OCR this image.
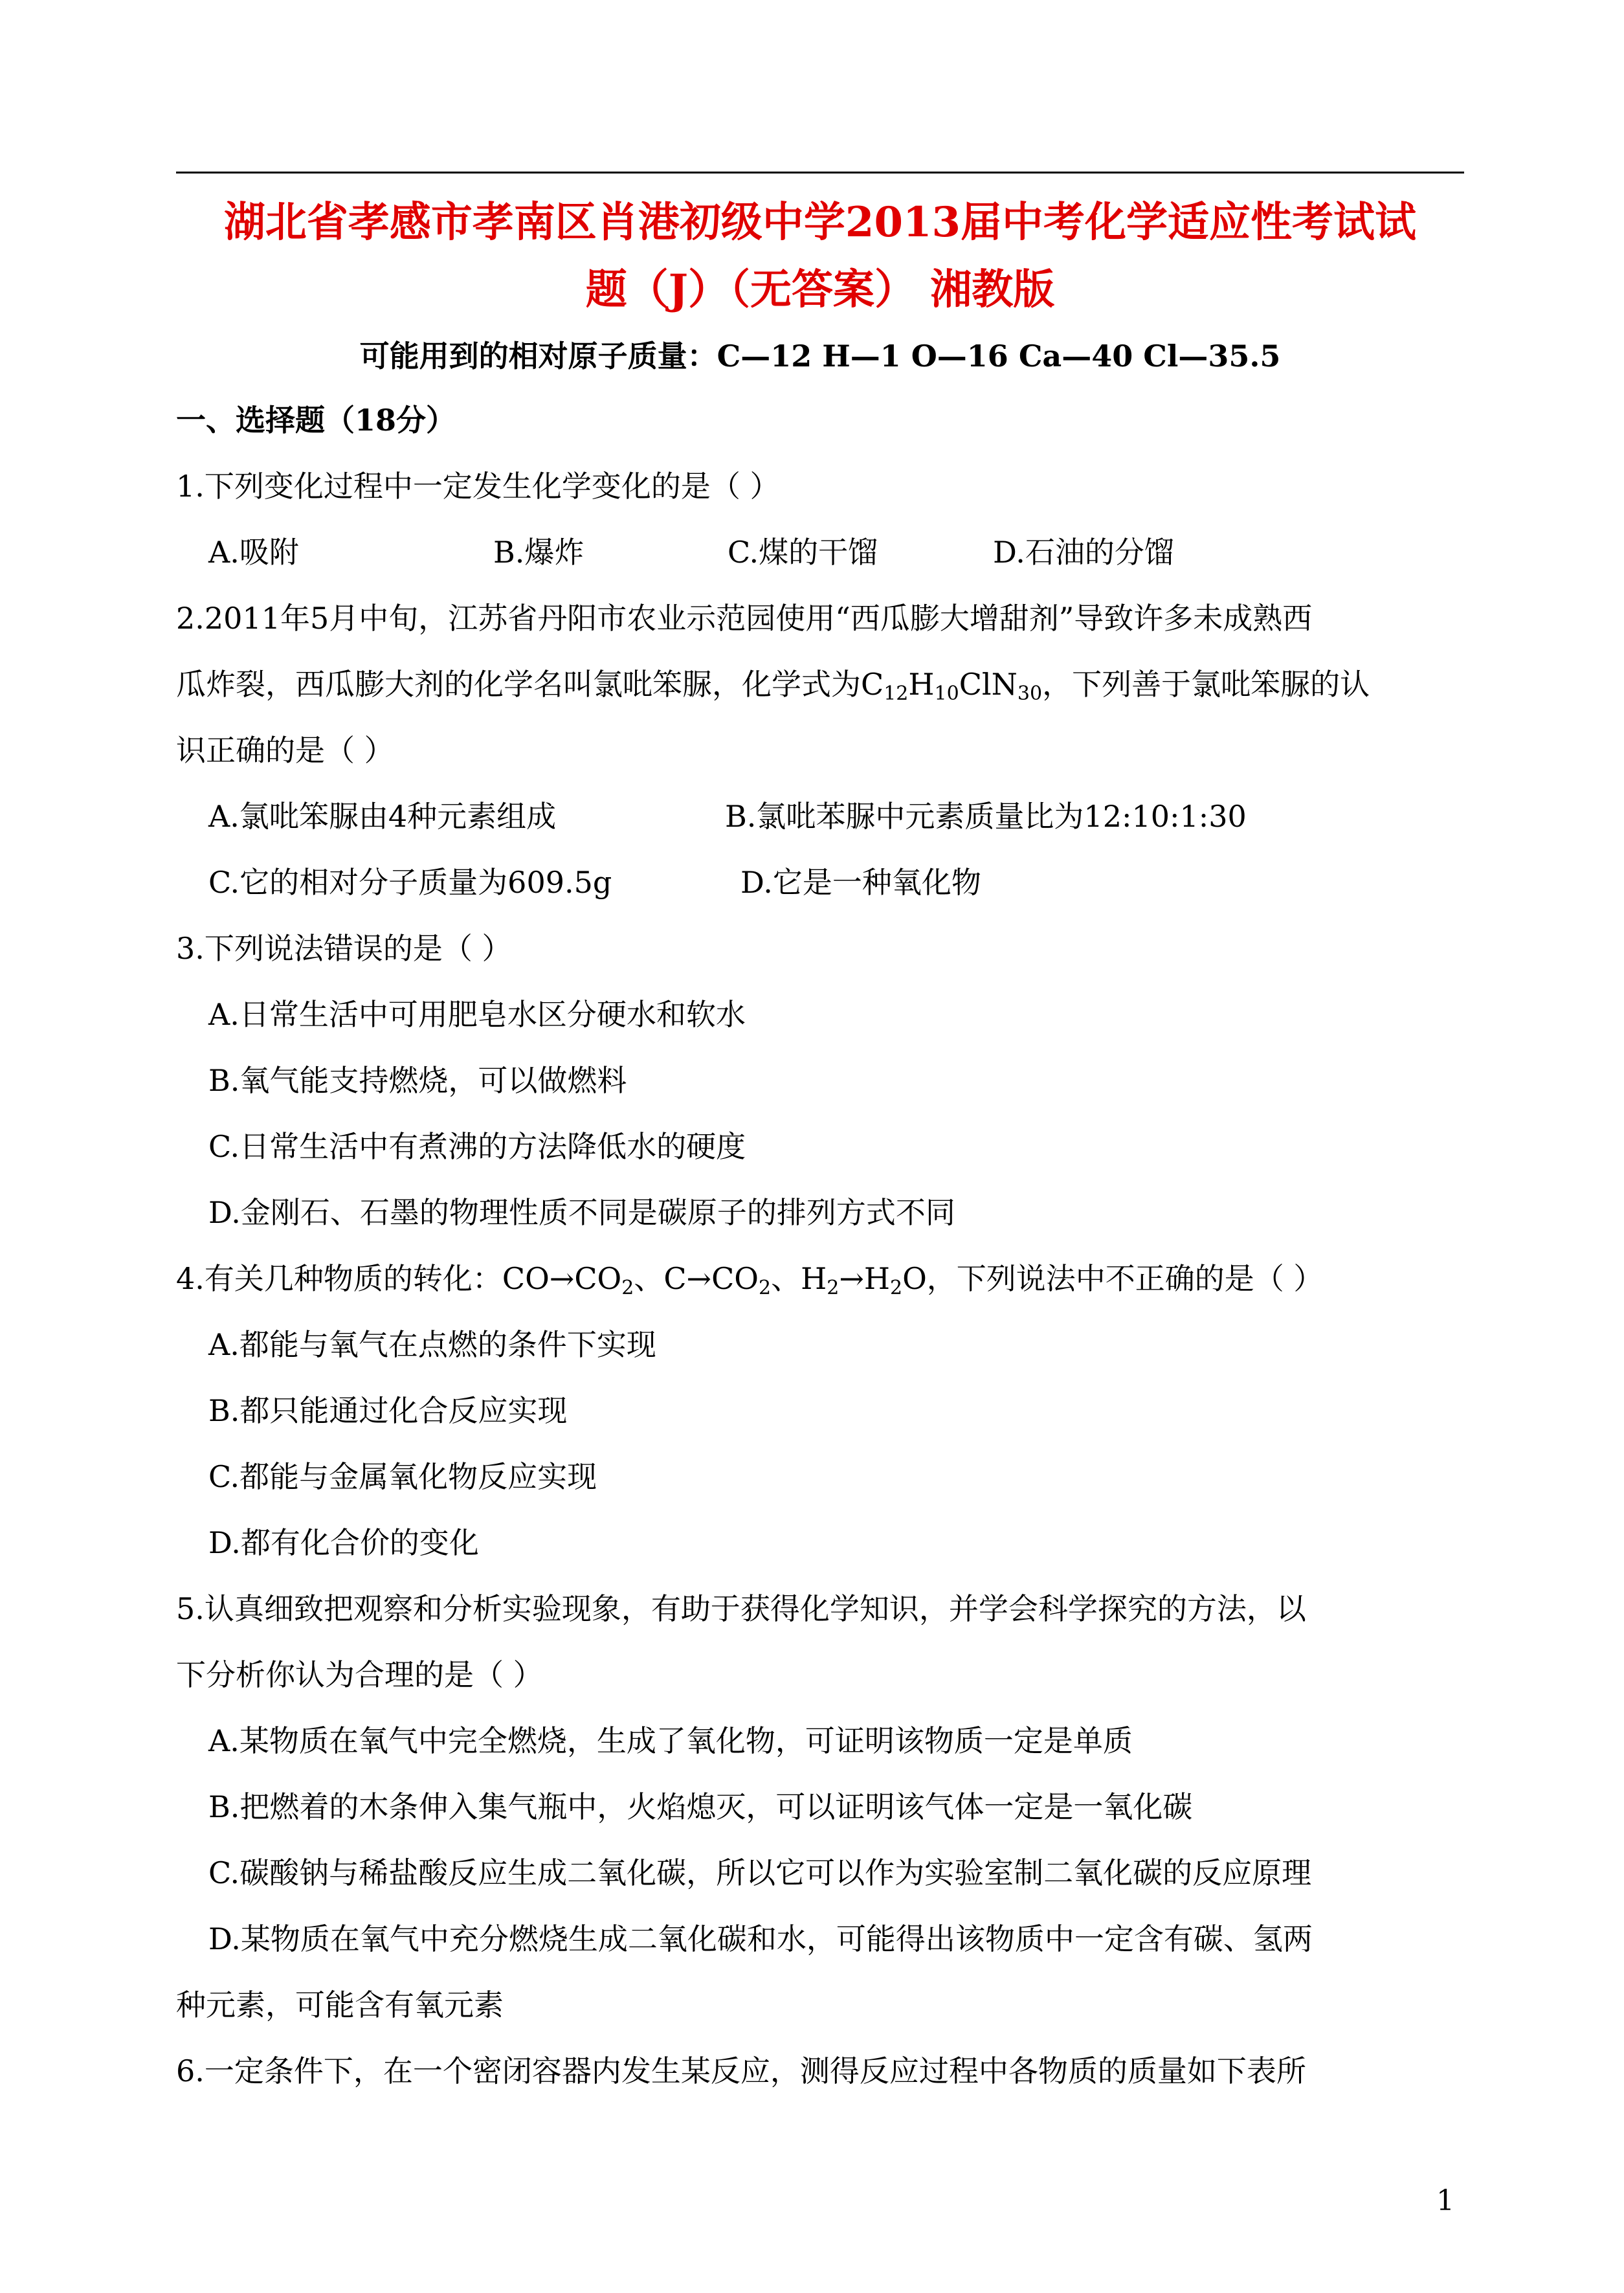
湖北省孝感市孝南区肖港初级中学2013届中考化学适应性考试试
题（J）（无答案） 湘教版
可能用到的相对原子质量：C—12 H—1 O—16 Ca—40 Cl—35.5
一、选择题（18分）
1.下列变化过程中一定发生化学变化的是（ ）
A.吸附	B.爆炸	C.煤的干馏	D.石油的分馏
2.2011年5月中旬，江苏省丹阳市农业示范园使用“西瓜膨大增甜剂”导致许多未成熟西
瓜炸裂，西瓜膨大剂的化学名叫氯吡笨脲，化学式为$C_{12}H_{10}ClN_{30}$，下列善于氯吡笨脲的认
识正确的是（ ）
A.氯吡笨脲由4种元素组成	B.氯吡苯脲中元素质量比为12:10:1:30
C.它的相对分子质量为609.5g	D.它是一种氧化物
3.下列说法错误的是（ ）
A.日常生活中可用肥皂水区分硬水和软水
B.氧气能支持燃烧，可以做燃料
C.日常生活中有煮沸的方法降低水的硬度
D.金刚石、石墨的物理性质不同是碳原子的排列方式不同
4.有关几种物质的转化：$CO\to CO_2$、$C\to CO_2$、$H_2\to H_2O$，下列说法中不正确的是（ ）
A.都能与氧气在点燃的条件下实现
B.都只能通过化合反应实现
C.都能与金属氧化物反应实现
D.都有化合价的变化
5.认真细致把观察和分析实验现象，有助于获得化学知识，并学会科学探究的方法，以
下分析你认为合理的是（ ）
A.某物质在氧气中完全燃烧，生成了氧化物，可证明该物质一定是单质
B.把燃着的木条伸入集气瓶中，火焰熄灭，可以证明该气体一定是一氧化碳
C.碳酸钠与稀盐酸反应生成二氧化碳，所以它可以作为实验室制二氧化碳的反应原理
D.某物质在氧气中充分燃烧生成二氧化碳和水，可能得出该物质中一定含有碳、氢两
种元素，可能含有氧元素
6.一定条件下，在一个密闭容器内发生某反应，测得反应过程中各物质的质量如下表所
1
